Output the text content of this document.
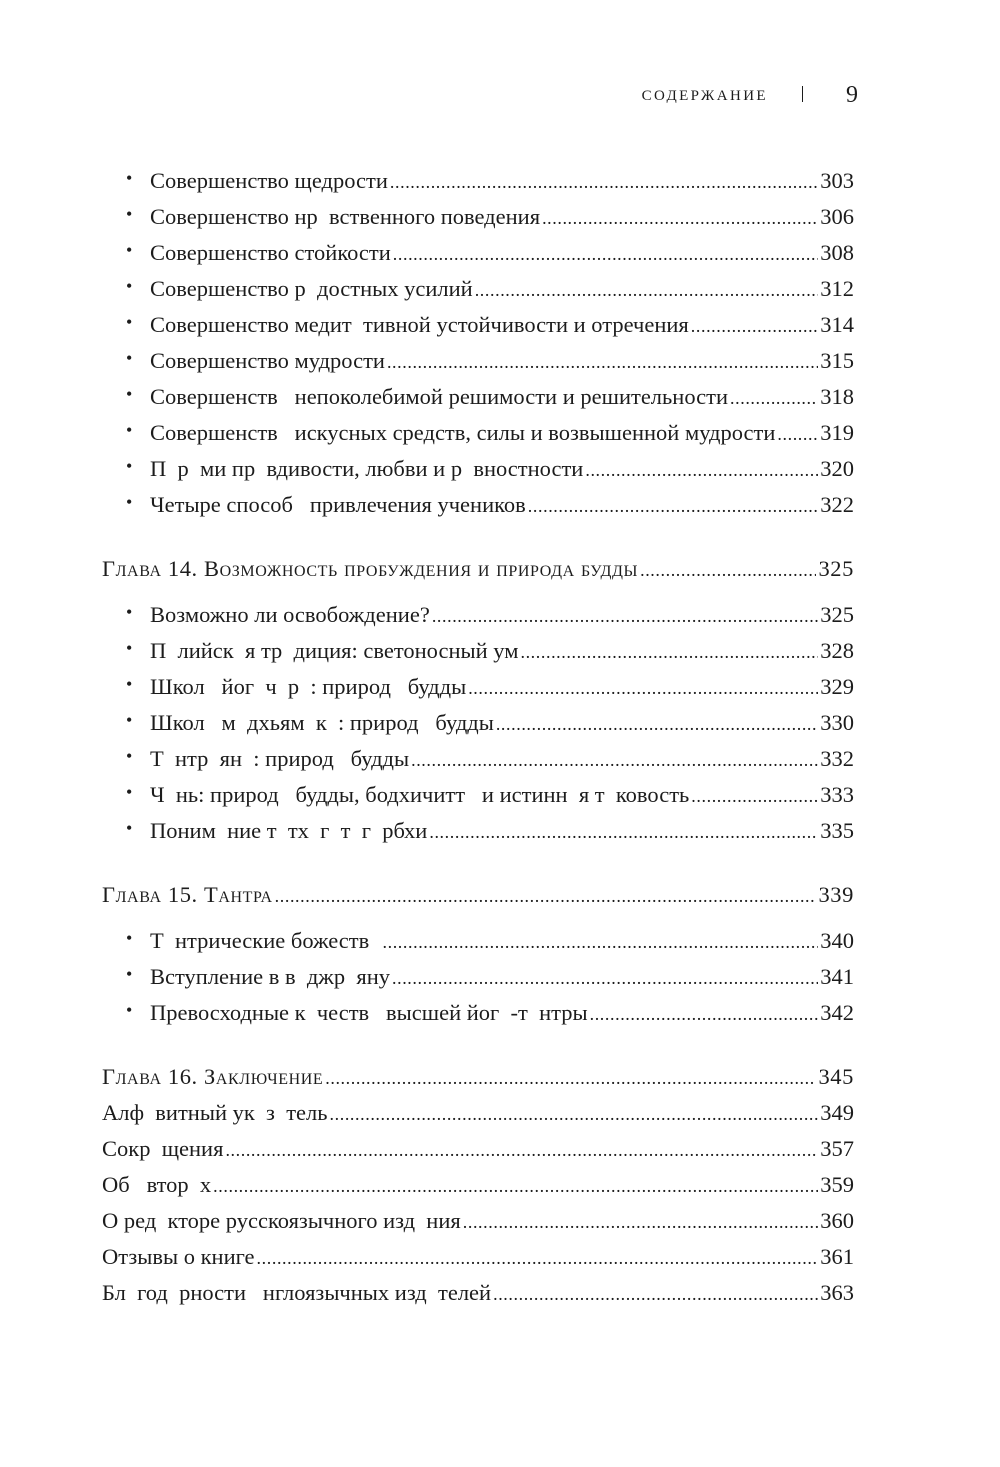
СОДЕРЖАНИЕ	9
• Совершенство щедрости .....	303
• Совершенство нр  вственного поведения .....	306
• Совершенство стойкости .....	308
• Совершенство р  достных усилий .....	312
• Совершенство медит  тивной устойчивости и отречения .....	314
• Совершенство мудрости .....	315
• Совершенств   непоколебимой решимости и решительности .....	318
• Совершенств   искусных средств, силы и возвышенной мудрости ..... 319
• П  р  ми пр  вдивости, любви и р  вностности .....	320
• Четыре способ   привлечения учеников .....	322
Глава 14. Возможность пробуждения и природа будды .....	325
• Возможно ли освобождение? .....	325
• П  лийск  я тр  диция: светоносный ум .....	328
• Школ   йог  ч  р  : природ   будды .....	329
• Школ   м  дхьям  к  : природ   будды .....	330
• Т  нтр  ян  : природ   будды .....	332
• Ч  нь: природ   будды, бодхичитт   и истинн  я т  ковость .....	333
• Поним  ние т  тх  г  т  г  рбхи .....	335
Глава 15. Тантра .....	339
• Т  нтрические божеств .....	340
• Вступление в в  джр  яну .....	341
• Превосходные к  честв   высшей йог  -т  нтры .....	342
Глава 16. Заключение .....	345
Алф  витный ук  з  тель .....	349
Сокр  щения .....	357
Об   втор  х .....	359
О ред  кторе русскоязычного изд  ния .....	360
Отзывы о книге .....	361
Бл  год  рности   нглоязычных изд  телей .....	363
